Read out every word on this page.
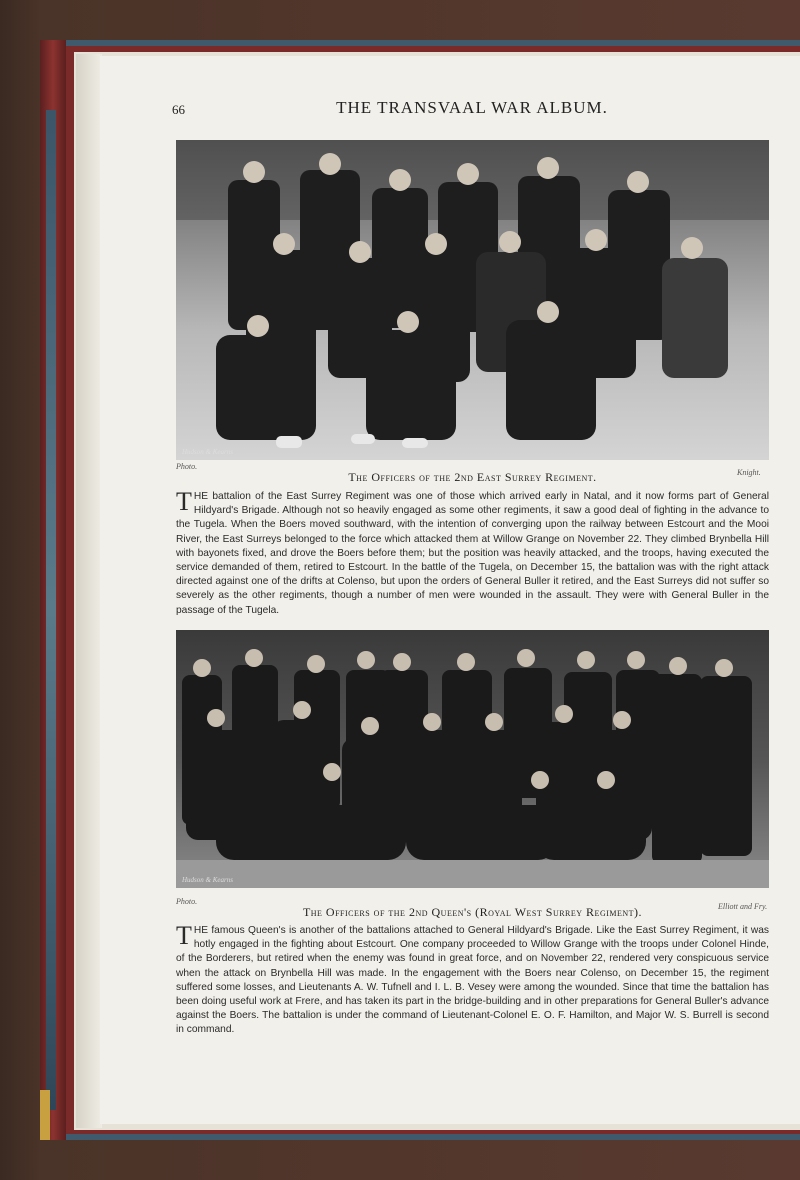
66	THE TRANSVAAL WAR ALBUM.
Hudson & Kearns
Photo.
Knight.
The Officers of the 2nd East Surrey Regiment.
THE battalion of the East Surrey Regiment was one of those which arrived early in Natal, and it now forms part of General Hildyard's Brigade. Although not so heavily engaged as some other regiments, it saw a good deal of fighting in the advance to the Tugela. When the Boers moved southward, with the intention of converging upon the railway between Estcourt and the Mooi River, the East Surreys belonged to the force which attacked them at Willow Grange on November 22. They climbed Brynbella Hill with bayonets fixed, and drove the Boers before them; but the position was heavily attacked, and the troops, having executed the service demanded of them, retired to Estcourt. In the battle of the Tugela, on December 15, the battalion was with the right attack directed against one of the drifts at Colenso, but upon the orders of General Buller it retired, and the East Surreys did not suffer so severely as the other regiments, though a number of men were wounded in the assault. They were with General Buller in the passage of the Tugela.
Hudson & Kearns
Photo.
Elliott and Fry.
The Officers of the 2nd Queen's (Royal West Surrey Regiment).
THE famous Queen's is another of the battalions attached to General Hildyard's Brigade. Like the East Surrey Regiment, it was hotly engaged in the fighting about Estcourt. One company proceeded to Willow Grange with the troops under Colonel Hinde, of the Borderers, but retired when the enemy was found in great force, and on November 22, rendered very conspicuous service when the attack on Brynbella Hill was made. In the engagement with the Boers near Colenso, on December 15, the regiment suffered some losses, and Lieutenants A. W. Tufnell and I. L. B. Vesey were among the wounded. Since that time the battalion has been doing useful work at Frere, and has taken its part in the bridge-building and in other preparations for General Buller's advance against the Boers. The battalion is under the command of Lieutenant-Colonel E. O. F. Hamilton, and Major W. S. Burrell is second in command.
